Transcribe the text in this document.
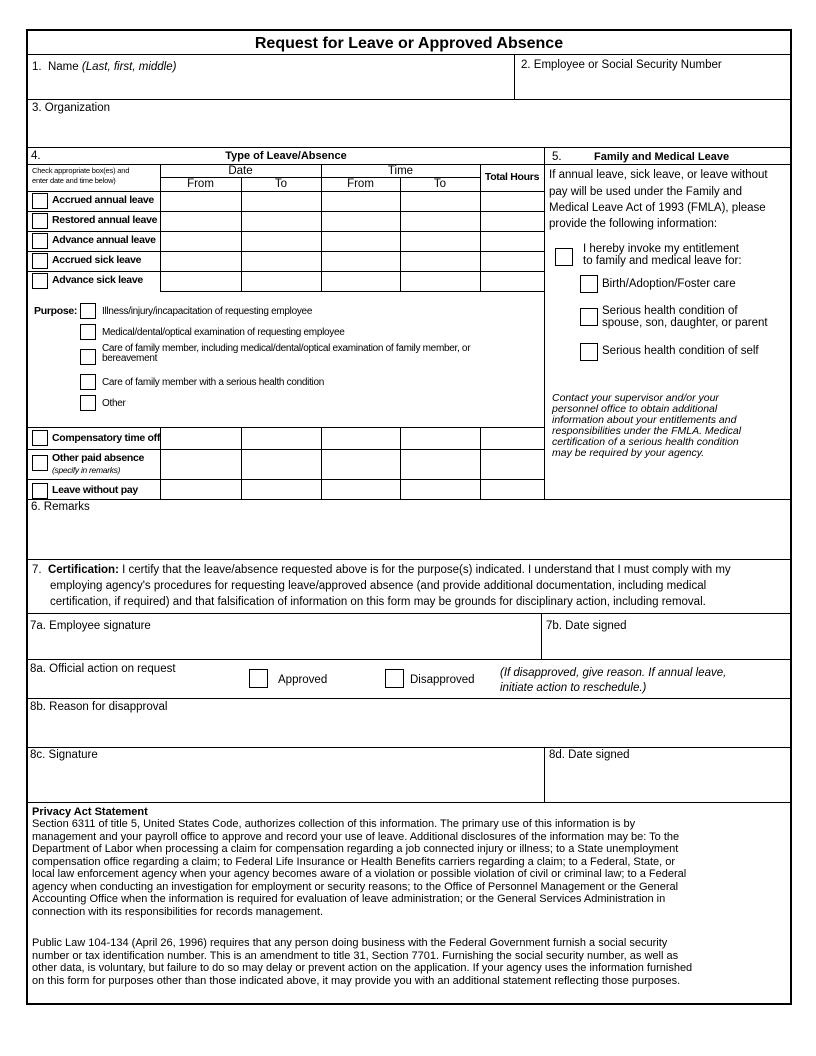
Request for Leave or Approved Absence
1. Name (Last, first, middle)	2. Employee or Social Security Number
3. Organization
4.	Type of Leave/Absence	5.	Family and Medical Leave
Check appropriate box(es) and
enter date and time below)
Date	Time	Total Hours
From	To	From	To
Accrued annual leave
Restored annual leave
Advance annual leave
Accrued sick leave
Advance sick leave
Purpose: Illness/injury/incapacitation of requesting employee
Medical/dental/optical examination of requesting employee
Care of family member, including medical/dental/optical examination of family member, or
bereavement
Care of family member with a serious health condition
Other
Compensatory time off
Other paid absence
(specify in remarks)
Leave without pay
If annual leave, sick leave, or leave without
pay will be used under the Family and
Medical Leave Act of 1993 (FMLA), please
provide the following information:
I hereby invoke my entitlement
to family and medical leave for:
Birth/Adoption/Foster care
Serious health condition of
spouse, son, daughter, or parent
Serious health condition of self
Contact your supervisor and/or your
personnel office to obtain additional
information about your entitlements and
responsibilities under the FMLA. Medical
certification of a serious health condition
may be required by your agency.
6. Remarks
7. Certification: I certify that the leave/absence requested above is for the purpose(s) indicated. I understand that I must comply with my
employing agency's procedures for requesting leave/approved absence (and provide additional documentation, including medical
certification, if required) and that falsification of information on this form may be grounds for disciplinary action, including removal.
7a. Employee signature	7b. Date signed
8a. Official action on request
Approved	Disapproved
(If disapproved, give reason. If annual leave,
initiate action to reschedule.)
8b. Reason for disapproval
8c. Signature	8d. Date signed
Privacy Act Statement
Section 6311 of title 5, United States Code, authorizes collection of this information. The primary use of this information is by
management and your payroll office to approve and record your use of leave. Additional disclosures of the information may be: To the
Department of Labor when processing a claim for compensation regarding a job connected injury or illness; to a State unemployment
compensation office regarding a claim; to Federal Life Insurance or Health Benefits carriers regarding a claim; to a Federal, State, or
local law enforcement agency when your agency becomes aware of a violation or possible violation of civil or criminal law; to a Federal
agency when conducting an investigation for employment or security reasons; to the Office of Personnel Management or the General
Accounting Office when the information is required for evaluation of leave administration; or the General Services Administration in
connection with its responsibilities for records management.
Public Law 104-134 (April 26, 1996) requires that any person doing business with the Federal Government furnish a social security
number or tax identification number. This is an amendment to title 31, Section 7701. Furnishing the social security number, as well as
other data, is voluntary, but failure to do so may delay or prevent action on the application. If your agency uses the information furnished
on this form for purposes other than those indicated above, it may provide you with an additional statement reflecting those purposes.
